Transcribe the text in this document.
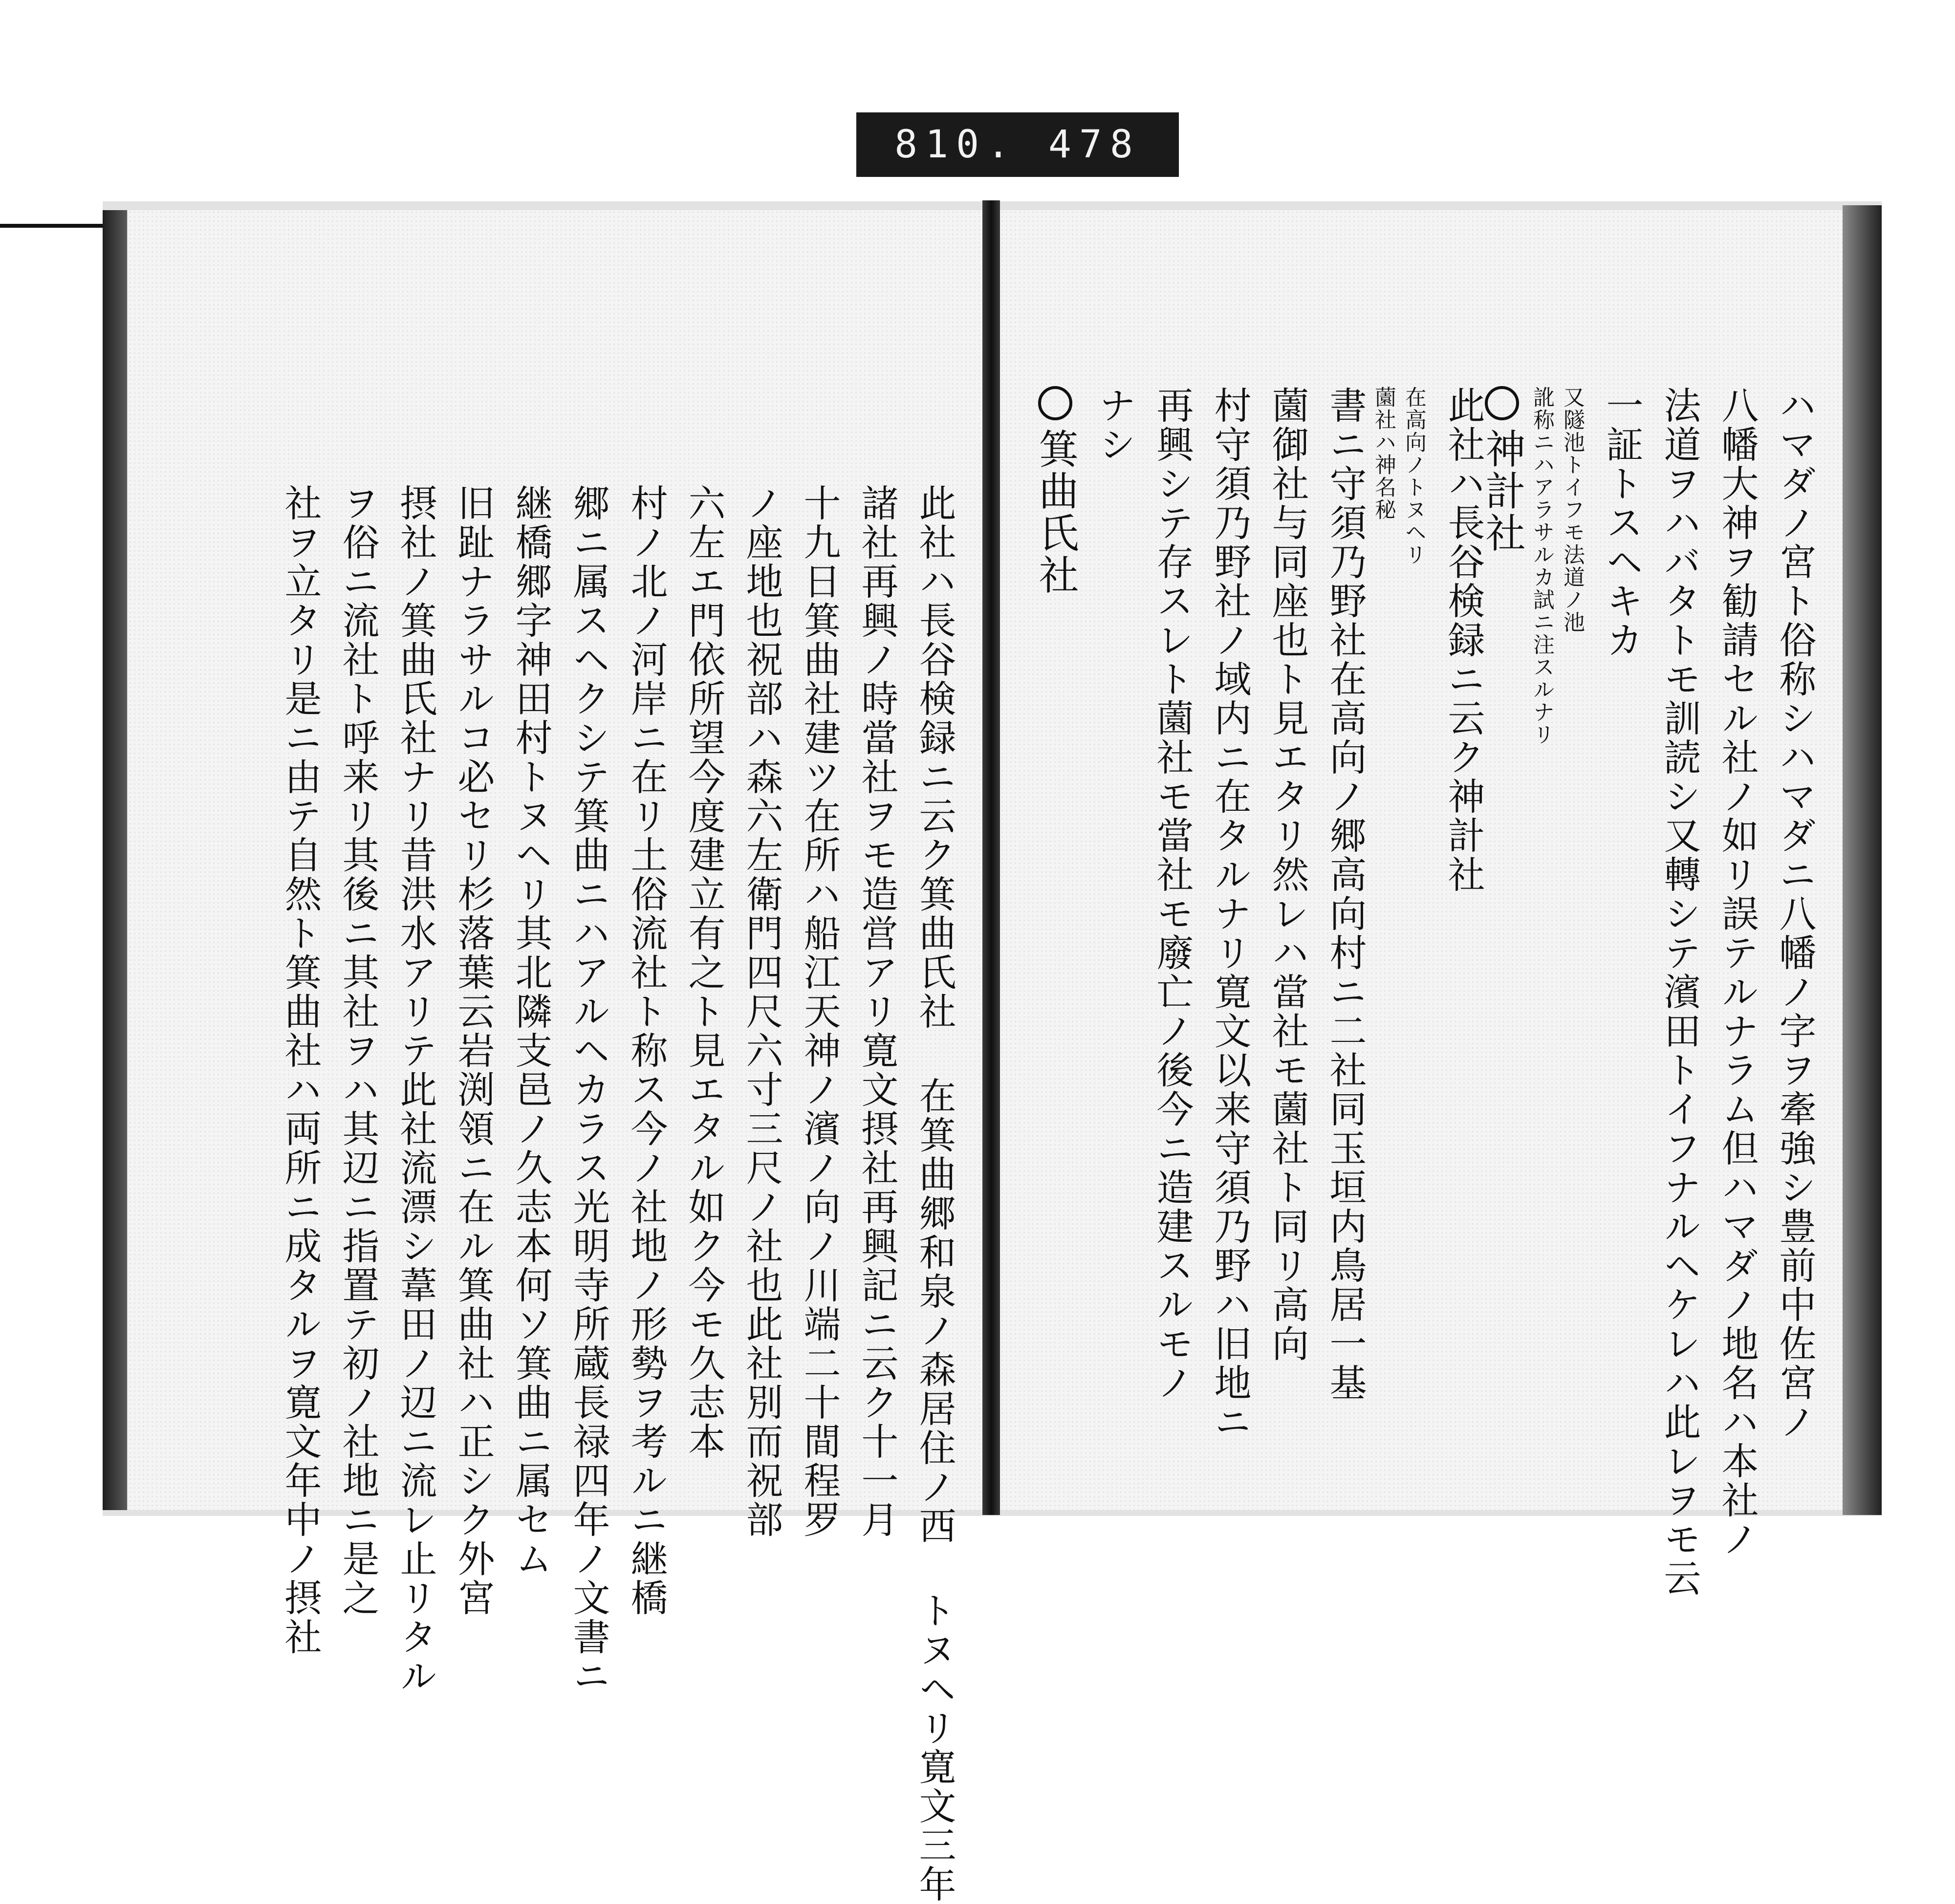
810. 478
此社ハ長谷検録ニ云ク箕曲氏社 在箕曲郷和泉ノ森居住ノ西 トヌヘリ寛文三年
諸社再興ノ時當社ヲモ造営アリ寛文摂社再興記ニ云ク十一月
十九日箕曲社建ツ在所ハ船江天神ノ濱ノ向ノ川端二十間程罗
ノ座地也祝部ハ森六左衛門四尺六寸三尺ノ社也此社別而祝部
六左エ門依所望今度建立有之ト見エタル如ク今モ久志本
村ノ北ノ河岸ニ在リ土俗流社ト称ス今ノ社地ノ形勢ヲ考ルニ継橋
郷ニ属スヘクシテ箕曲ニハアルヘカラス光明寺所蔵長禄四年ノ文書ニ
継橋郷字神田村トヌヘリ其北隣支邑ノ久志本何ソ箕曲ニ属セム
旧趾ナラサルコ必セリ杉落葉云岩渕領ニ在ル箕曲社ハ正シク外宮
摂社ノ箕曲氏社ナリ昔洪水アリテ此社流漂シ葦田ノ辺ニ流レ止リタル
ヲ俗ニ流社ト呼来リ其後ニ其社ヲハ其辺ニ指置テ初ノ社地ニ是之
社ヲ立タリ是ニ由テ自然ト箕曲社ハ両所ニ成タルヲ寛文年中ノ摂社	ハマダノ宮ト俗称シハマダニ八幡ノ字ヲ牽強シ豊前中佐宮ノ
八幡大神ヲ勧請セル社ノ如リ誤テルナラム但ハマダノ地名ハ本社ノ
法道ヲハバタトモ訓読シ又轉シテ濱田トイフナルヘケレハ此レヲモ云
一証トスヘキカ
又隧池トイフモ法道ノ池
訛称ニハアラサルカ試ニ注スルナリ
神計社
此社ハ長谷検録ニ云ク神計社
在高向ノトヌヘリ
薗社ハ神名秘
書ニ守須乃野社在高向ノ郷高向村ニ二社同玉垣内鳥居一基
薗御社与同座也ト見エタリ然レハ當社モ薗社ト同リ高向
村守須乃野社ノ域内ニ在タルナリ寛文以来守須乃野ハ旧地ニ
再興シテ存スレト薗社モ當社モ廢亡ノ後今ニ造建スルモノ
ナシ
箕曲氏社
